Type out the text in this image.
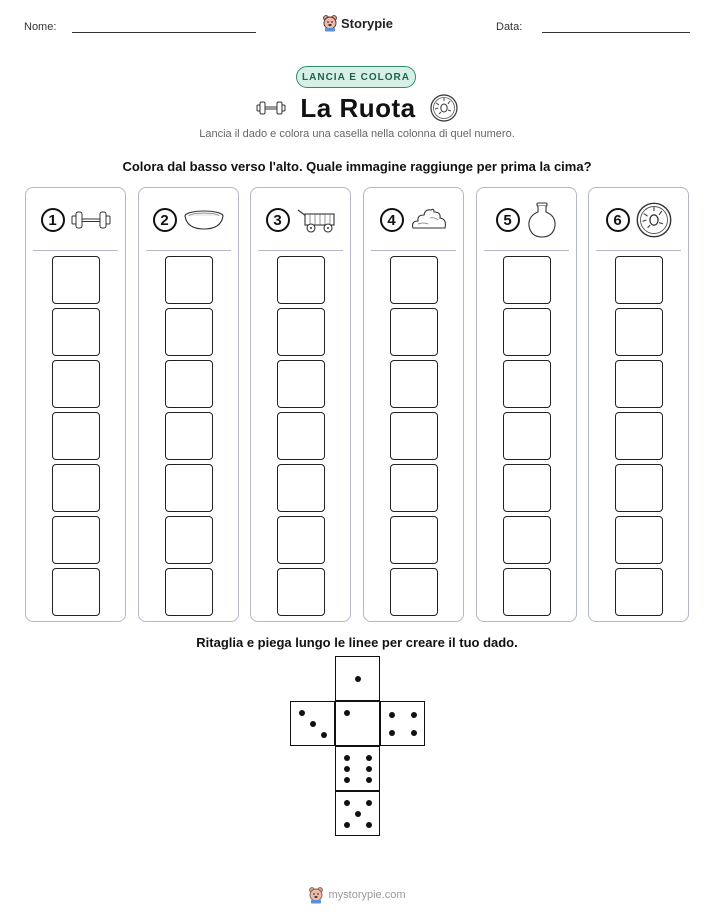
Nome:	Storypie	Data:
LANCIA E COLORA
La Ruota
Lancia il dado e colora una casella nella colonna di quel numero.
Colora dal basso verso l'alto. Quale immagine raggiunge per prima la cima?
1	2	3	4	5	6
Ritaglia e piega lungo le linee per creare il tuo dado.
mystorypie.com
